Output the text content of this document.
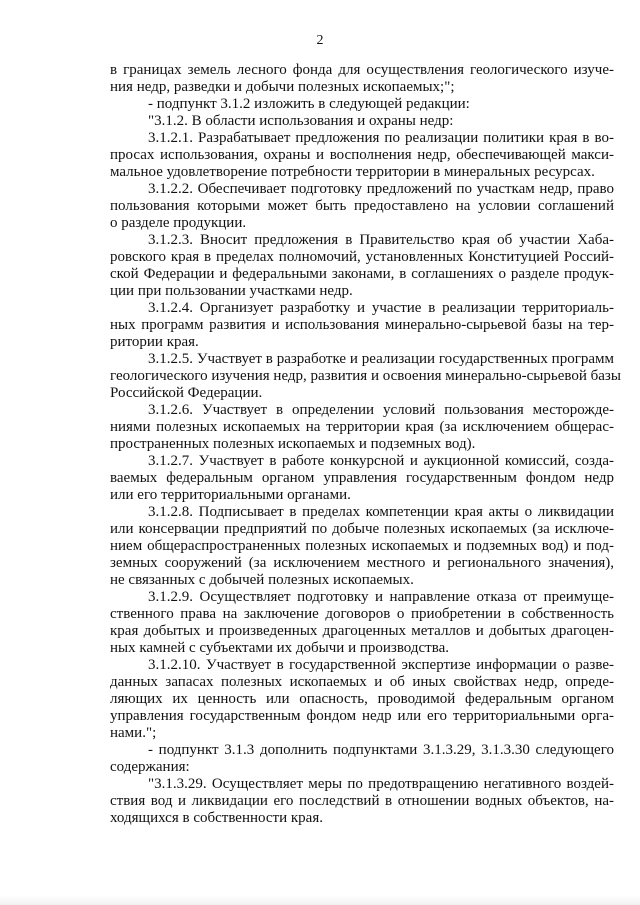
2
в границах земель лесного фонда для осуществления геологического изуче-
ния недр, разведки и добычи полезных ископаемых;";
- подпункт 3.1.2 изложить в следующей редакции:
"3.1.2. В области использования и охраны недр:
3.1.2.1. Разрабатывает предложения по реализации политики края в во-
просах использования, охраны и восполнения недр, обеспечивающей макси-
мальное удовлетворение потребности территории в минеральных ресурсах.
3.1.2.2. Обеспечивает подготовку предложений по участкам недр, право
пользования которыми может быть предоставлено на условии соглашений
о разделе продукции.
3.1.2.3. Вносит предложения в Правительство края об участии Хаба-
ровского края в пределах полномочий, установленных Конституцией Россий-
ской Федерации и федеральными законами, в соглашениях о разделе продук-
ции при пользовании участками недр.
3.1.2.4. Организует разработку и участие в реализации территориаль-
ных программ развития и использования минерально-сырьевой базы на тер-
ритории края.
3.1.2.5. Участвует в разработке и реализации государственных программ
геологического изучения недр, развития и освоения минерально-сырьевой базы
Российской Федерации.
3.1.2.6. Участвует в определении условий пользования месторожде-
ниями полезных ископаемых на территории края (за исключением общерас-
пространенных полезных ископаемых и подземных вод).
3.1.2.7. Участвует в работе конкурсной и аукционной комиссий, созда-
ваемых федеральным органом управления государственным фондом недр
или его территориальными органами.
3.1.2.8. Подписывает в пределах компетенции края акты о ликвидации
или консервации предприятий по добыче полезных ископаемых (за исключе-
нием общераспространенных полезных ископаемых и подземных вод) и под-
земных сооружений (за исключением местного и регионального значения),
не связанных с добычей полезных ископаемых.
3.1.2.9. Осуществляет подготовку и направление отказа от преимуще-
ственного права на заключение договоров о приобретении в собственность
края добытых и произведенных драгоценных металлов и добытых драгоцен-
ных камней с субъектами их добычи и производства.
3.1.2.10. Участвует в государственной экспертизе информации о разве-
данных запасах полезных ископаемых и об иных свойствах недр, опреде-
ляющих их ценность или опасность, проводимой федеральным органом
управления государственным фондом недр или его территориальными орга-
нами.";
- подпункт 3.1.3 дополнить подпунктами 3.1.3.29, 3.1.3.30 следующего
содержания:
"3.1.3.29. Осуществляет меры по предотвращению негативного воздей-
ствия вод и ликвидации его последствий в отношении водных объектов, на-
ходящихся в собственности края.
